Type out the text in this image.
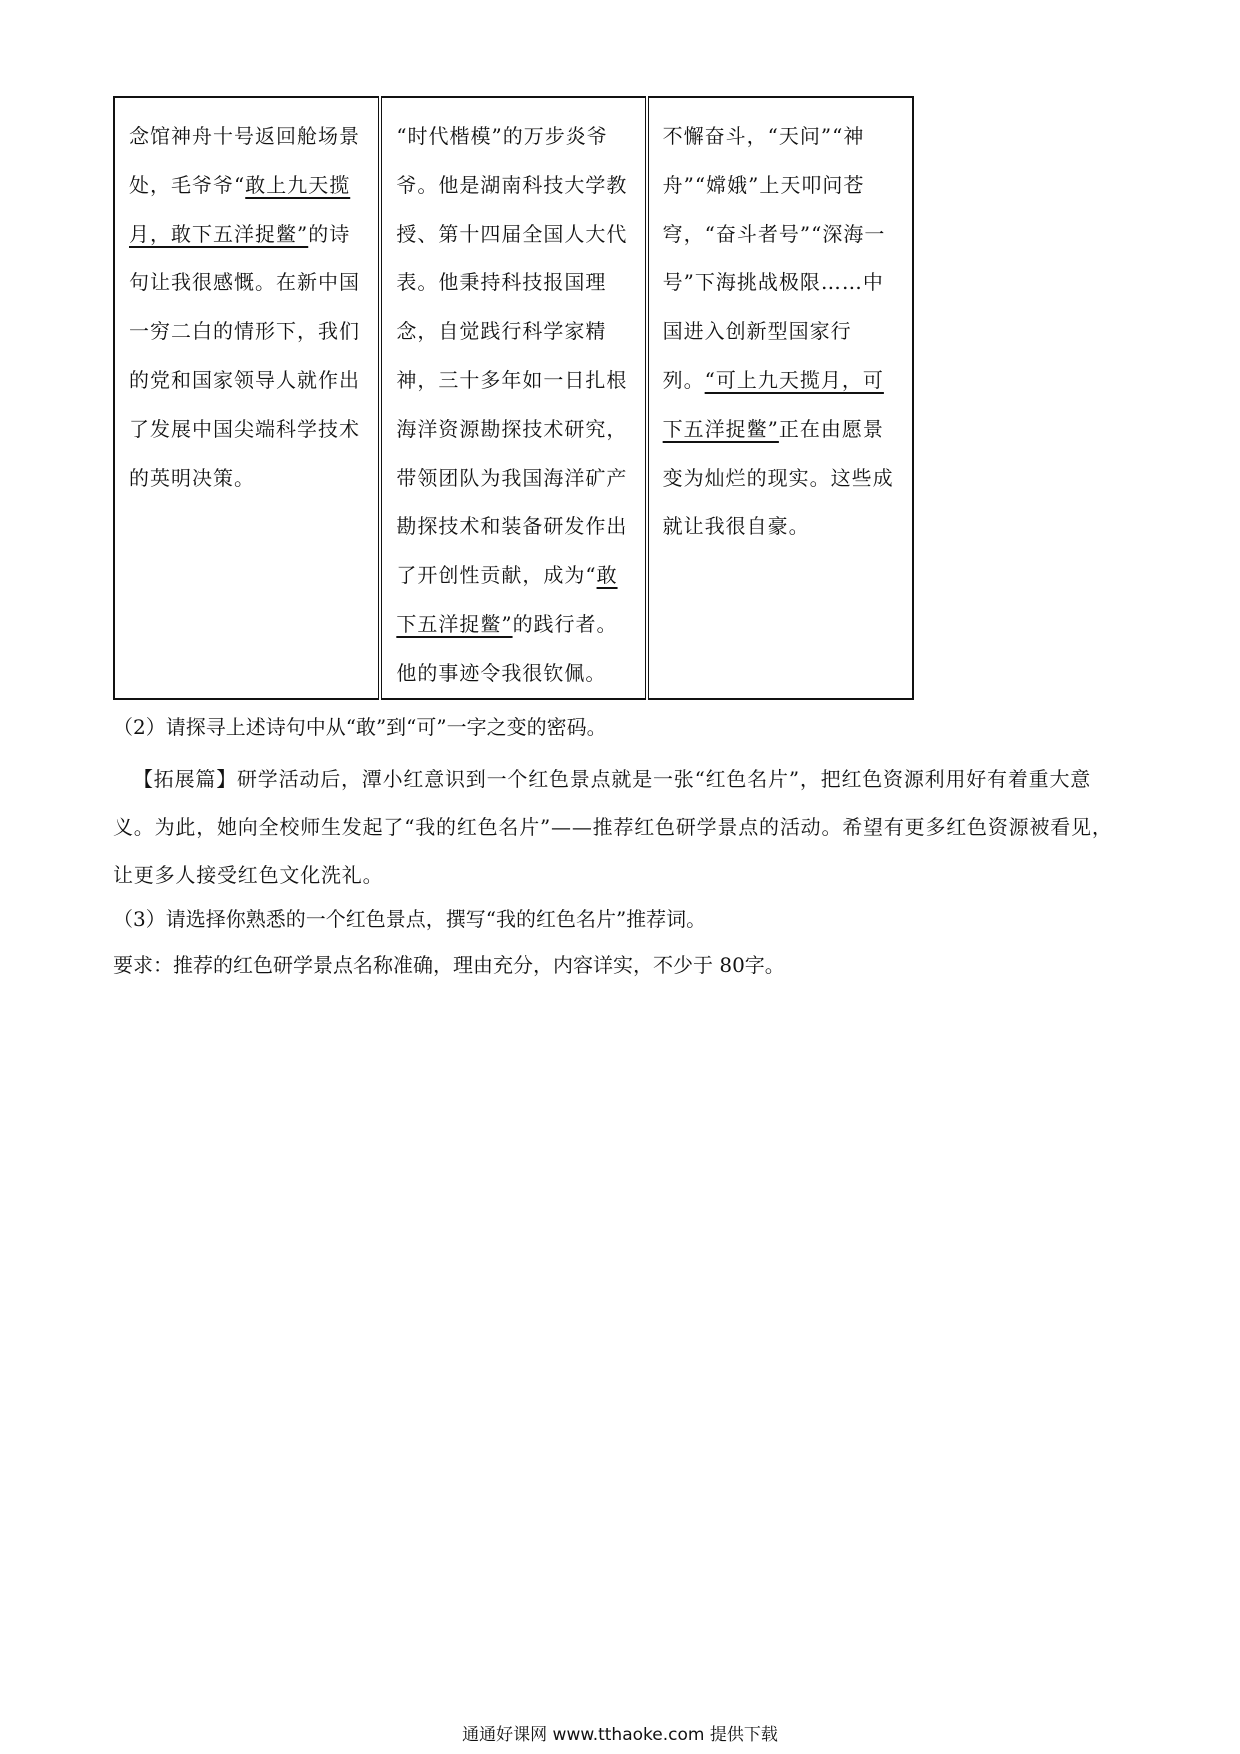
念馆神舟十号返回舱场景处，毛爷爷“敢上九天揽月，敢下五洋捉鳖”的诗句让我很感慨。在新中国一穷二白的情形下，我们的党和国家领导人就作出了发展中国尖端科学技术的英明决策。	“时代楷模”的万步炎爷爷。他是湖南科技大学教授、第十四届全国人大代表。他秉持科技报国理念，自觉践行科学家精神，三十多年如一日扎根海洋资源勘探技术研究，带领团队为我国海洋矿产勘探技术和装备研发作出了开创性贡献，成为“敢下五洋捉鳖”的践行者。他的事迹令我很钦佩。	不懈奋斗，“天问”“神舟”“嫦娥”上天叩问苍穹，“奋斗者号”“深海一号”下海挑战极限……中国进入创新型国家行列。“可上九天揽月，可下五洋捉鳖”正在由愿景变为灿烂的现实。这些成就让我很自豪。
（2）请探寻上述诗句中从“敢”到“可”一字之变的密码。
【拓展篇】研学活动后，潭小红意识到一个红色景点就是一张“红色名片”，把红色资源利用好有着重大意义。为此，她向全校师生发起了“我的红色名片”——推荐红色研学景点的活动。希望有更多红色资源被看见，让更多人接受红色文化洗礼。
（3）请选择你熟悉的一个红色景点，撰写“我的红色名片”推荐词。
要求：推荐的红色研学景点名称准确，理由充分，内容详实，不少于 80字。
通通好课网 www.tthaoke.com 提供下载
